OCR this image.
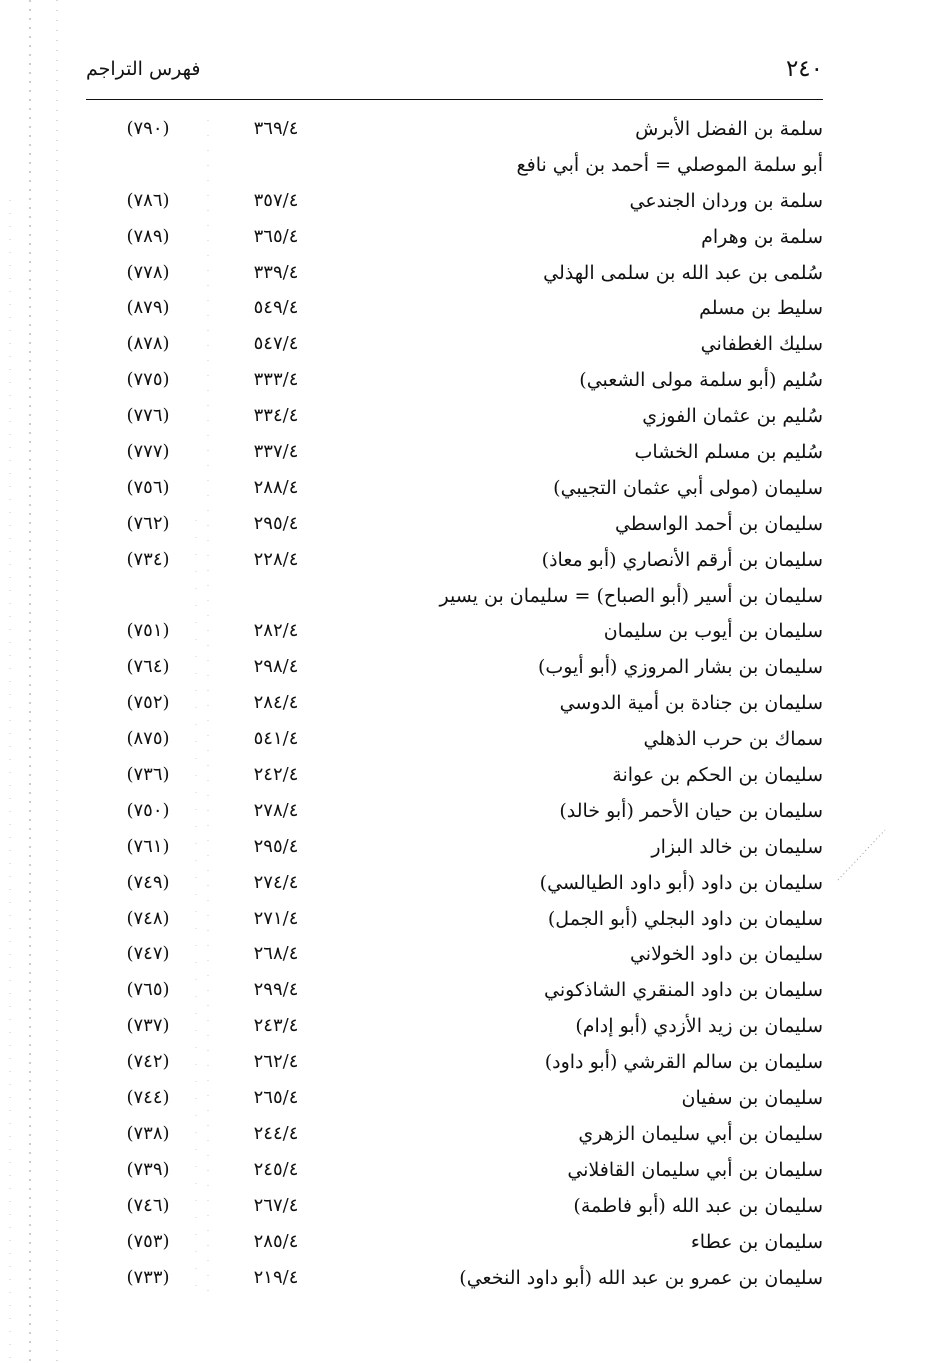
٢٤٠
فهرس التراجم
سلمة بن الفضل الأبرش
٣٦٩/٤
(٧٩٠)
أبو سلمة الموصلي = أحمد بن أبي نافع
سلمة بن وردان الجندعي
٣٥٧/٤
(٧٨٦)
سلمة بن وهرام
٣٦٥/٤
(٧٨٩)
سُلمى بن عبد الله بن سلمى الهذلي
٣٣٩/٤
(٧٧٨)
سليط بن مسلم
٥٤٩/٤
(٨٧٩)
سليك الغطفاني
٥٤٧/٤
(٨٧٨)
سُليم (أبو سلمة مولى الشعبي)
٣٣٣/٤
(٧٧٥)
سُليم بن عثمان الفوزي
٣٣٤/٤
(٧٧٦)
سُليم بن مسلم الخشاب
٣٣٧/٤
(٧٧٧)
سليمان (مولى أبي عثمان التجيبي)
٢٨٨/٤
(٧٥٦)
سليمان بن أحمد الواسطي
٢٩٥/٤
(٧٦٢)
سليمان بن أرقم الأنصاري (أبو معاذ)
٢٢٨/٤
(٧٣٤)
سليمان بن أسير (أبو الصباح) = سليمان بن يسير
سليمان بن أيوب بن سليمان
٢٨٢/٤
(٧٥١)
سليمان بن بشار المروزي (أبو أيوب)
٢٩٨/٤
(٧٦٤)
سليمان بن جنادة بن أمية الدوسي
٢٨٤/٤
(٧٥٢)
سماك بن حرب الذهلي
٥٤١/٤
(٨٧٥)
سليمان بن الحكم بن عوانة
٢٤٢/٤
(٧٣٦)
سليمان بن حيان الأحمر (أبو خالد)
٢٧٨/٤
(٧٥٠)
سليمان بن خالد البزار
٢٩٥/٤
(٧٦١)
سليمان بن داود (أبو داود الطيالسي)
٢٧٤/٤
(٧٤٩)
سليمان بن داود البجلي (أبو الجمل)
٢٧١/٤
(٧٤٨)
سليمان بن داود الخولاني
٢٦٨/٤
(٧٤٧)
سليمان بن داود المنقري الشاذكوني
٢٩٩/٤
(٧٦٥)
سليمان بن زيد الأزدي (أبو إدام)
٢٤٣/٤
(٧٣٧)
سليمان بن سالم القرشي (أبو داود)
٢٦٢/٤
(٧٤٢)
سليمان بن سفيان
٢٦٥/٤
(٧٤٤)
سليمان بن أبي سليمان الزهري
٢٤٤/٤
(٧٣٨)
سليمان بن أبي سليمان القافلاني
٢٤٥/٤
(٧٣٩)
سليمان بن عبد الله (أبو فاطمة)
٢٦٧/٤
(٧٤٦)
سليمان بن عطاء
٢٨٥/٤
(٧٥٣)
سليمان بن عمرو بن عبد الله (أبو داود النخعي)
٢١٩/٤
(٧٣٣)
